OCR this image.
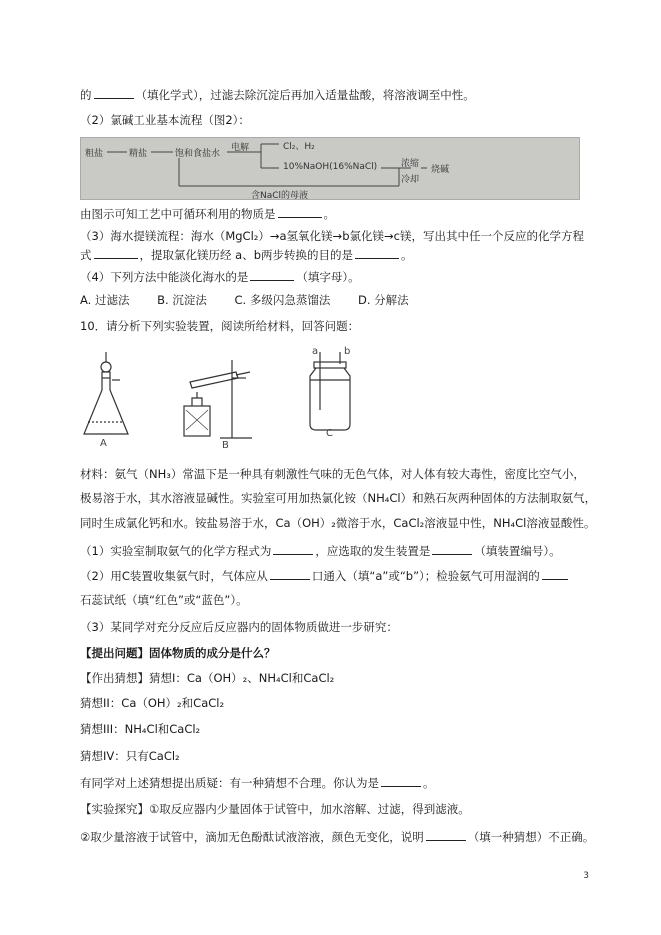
的	（填化学式），过滤去除沉淀后再加入适量盐酸，将溶液调至中性。
（2）氯碱工业基本流程（图2）：
粗盐	精盐	饱和食盐水
电解	Cl₂、H₂
10%NaOH(16%NaCl)	浓缩
冷却
烧碱
含NaCl的母液
由图示可知工艺中可循环利用的物质是	。
（3）海水提镁流程：海水（MgCl₂）→a氢氧化镁→b氯化镁→c镁，写出其中任一个反应的化学方程
式	，提取氯化镁历经 a、b两步转换的目的是	。
（4）下列方法中能淡化海水的是	（填字母）。
A. 过滤法 B. 沉淀法 C. 多级闪急蒸馏法 D. 分解法
10．请分析下列实验装置，阅读所给材料，回答问题：
A	B
a	b
C
材料：氨气（NH₃）常温下是一种具有刺激性气味的无色气体，对人体有较大毒性，密度比空气小，
极易溶于水，其水溶液显碱性。实验室可用加热氯化铵（NH₄Cl）和熟石灰两种固体的方法制取氨气，
同时生成氯化钙和水。铵盐易溶于水，Ca（OH）₂微溶于水，CaCl₂溶液显中性，NH₄Cl溶液显酸性。
（1）实验室制取氨气的化学方程式为	，应选取的发生装置是	（填装置编号）。
（2）用C装置收集氨气时，气体应从	口通入（填“a”或“b”）；检验氨气可用湿润的
石蕊试纸（填“红色”或“蓝色”）。
（3）某同学对充分反应后反应器内的固体物质做进一步研究：
【提出问题】固体物质的成分是什么？
【作出猜想】猜想I：Ca（OH）₂、NH₄Cl和CaCl₂
猜想II：Ca（OH）₂和CaCl₂
猜想III：NH₄Cl和CaCl₂
猜想IV：只有CaCl₂
有同学对上述猜想提出质疑：有一种猜想不合理。你认为是	。
【实验探究】①取反应器内少量固体于试管中，加水溶解、过滤，得到滤液。
②取少量溶液于试管中，滴加无色酚酞试液溶液，颜色无变化，说明	（填一种猜想）不正确。
3
